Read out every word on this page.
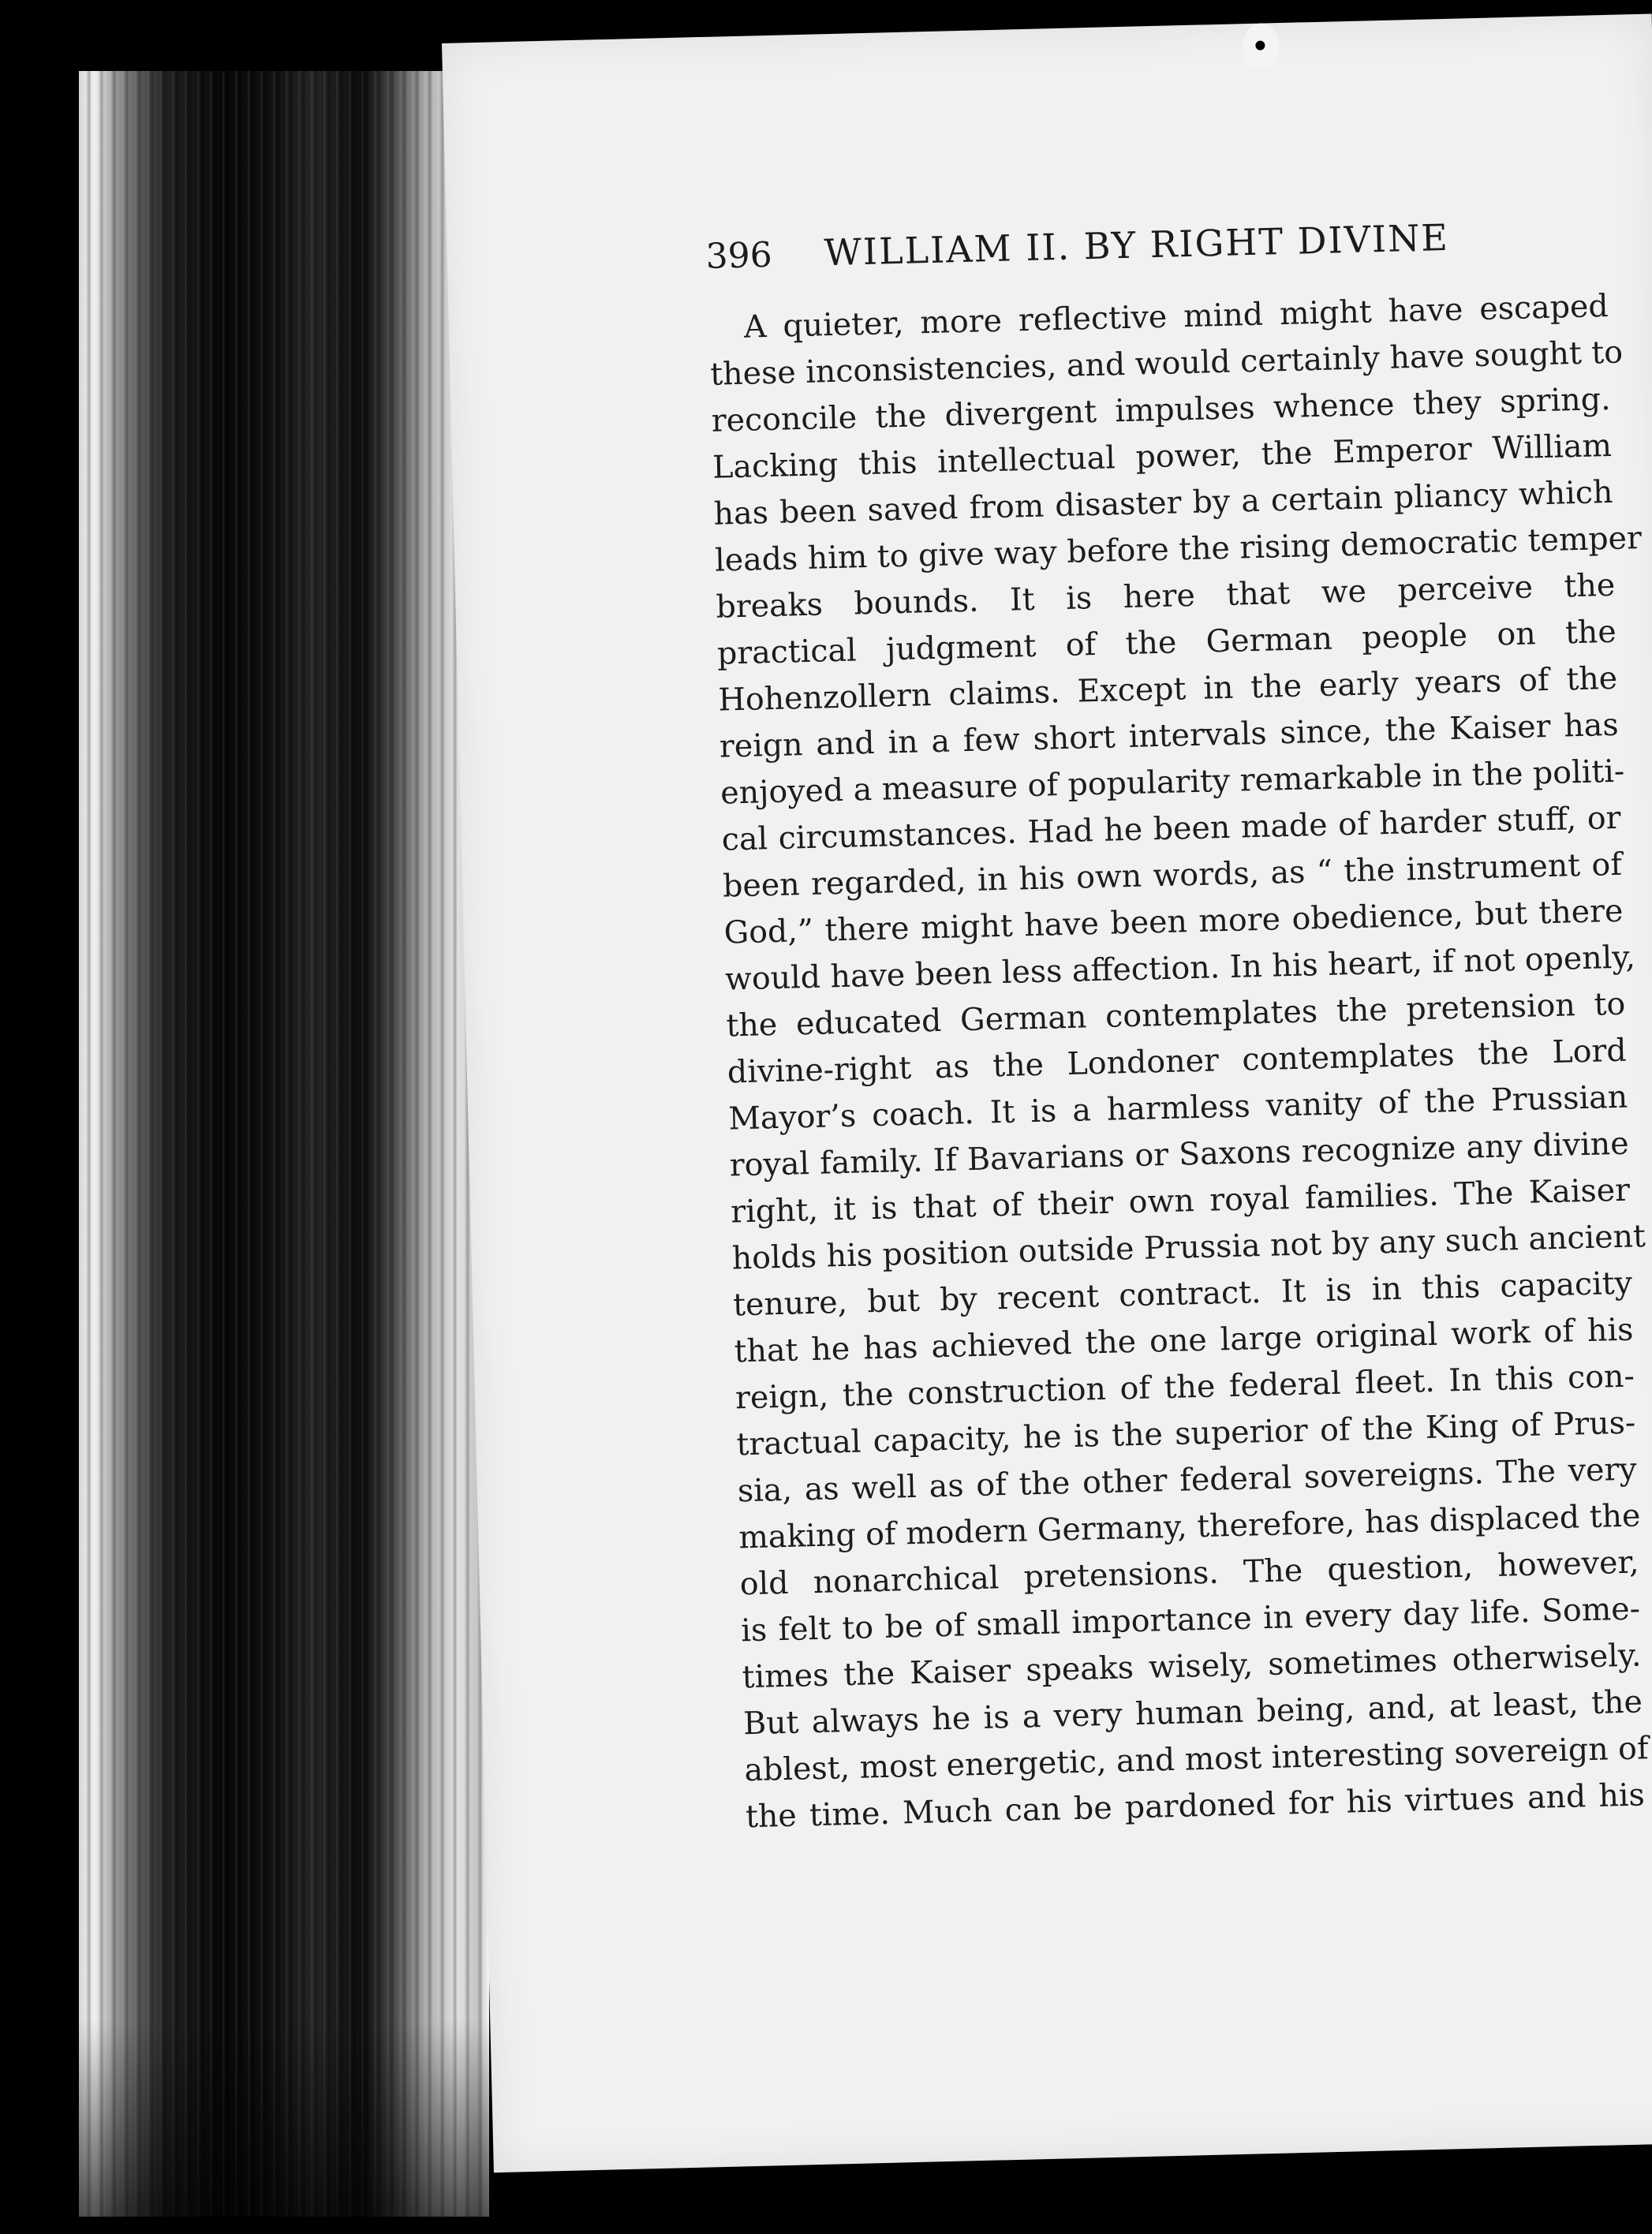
396 WILLIAM II. BY RIGHT DIVINE
A quieter, more reflective mind might have escaped
these inconsistencies, and would certainly have sought to
reconcile the divergent impulses whence they spring.
Lacking this intellectual power, the Emperor William
has been saved from disaster by a certain pliancy which
leads him to give way before the rising democratic temper
breaks bounds. It is here that we perceive the
practical judgment of the German people on the
Hohenzollern claims. Except in the early years of the
reign and in a few short intervals since, the Kaiser has
enjoyed a measure of popularity remarkable in the politi-
cal circumstances. Had he been made of harder stuff, or
been regarded, in his own words, as “ the instrument of
God,” there might have been more obedience, but there
would have been less affection. In his heart, if not openly,
the educated German contemplates the pretension to
divine-right as the Londoner contemplates the Lord
Mayor’s coach. It is a harmless vanity of the Prussian
royal family. If Bavarians or Saxons recognize any divine
right, it is that of their own royal families. The Kaiser
holds his position outside Prussia not by any such ancient
tenure, but by recent contract. It is in this capacity
that he has achieved the one large original work of his
reign, the construction of the federal fleet. In this con-
tractual capacity, he is the superior of the King of Prus-
sia, as well as of the other federal sovereigns. The very
making of modern Germany, therefore, has displaced the
old nonarchical pretensions. The question, however,
is felt to be of small importance in every day life. Some-
times the Kaiser speaks wisely, sometimes otherwisely.
But always he is a very human being, and, at least, the
ablest, most energetic, and most interesting sovereign of
the time. Much can be pardoned for his virtues and his
